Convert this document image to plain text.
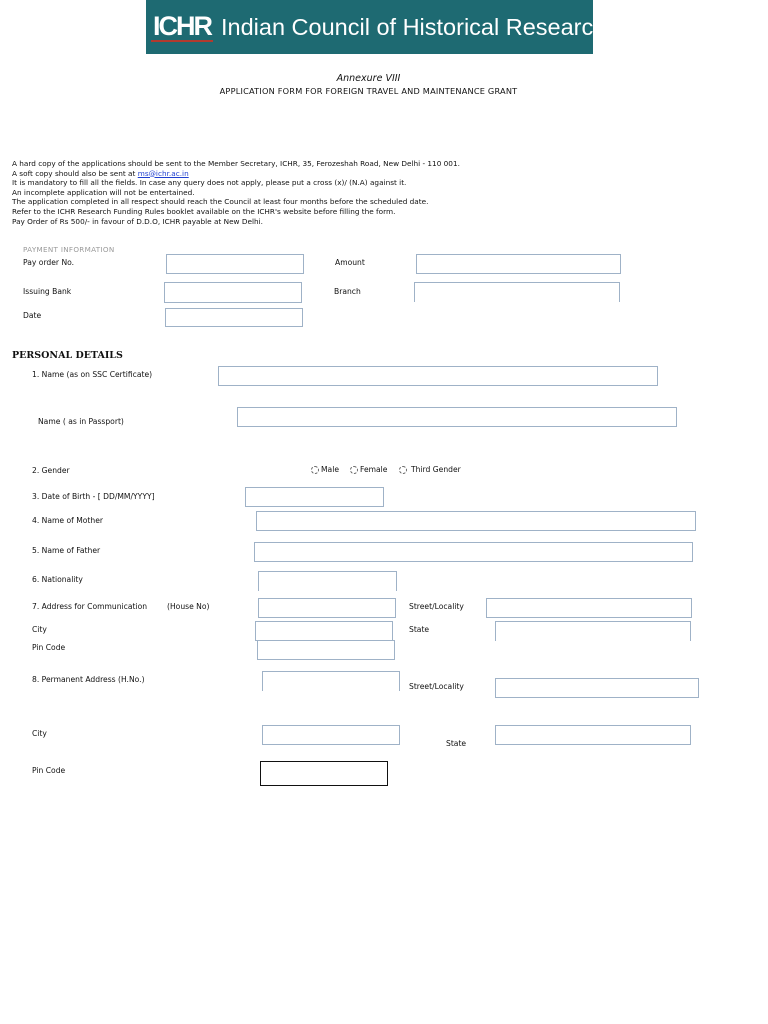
ICHR Indian Council of Historical Research
Annexure VIII
APPLICATION FORM FOR FOREIGN TRAVEL AND MAINTENANCE GRANT
A hard copy of the applications should be sent to the Member Secretary, ICHR, 35, Ferozeshah Road, New Delhi - 110 001.
A soft copy should also be sent at ms@ichr.ac.in
It is mandatory to fill all the fields. In case any query does not apply, please put a cross (x)/ (N.A) against it.
An incomplete application will not be entertained.
The application completed in all respect should reach the Council at least four months before the scheduled date.
Refer to the ICHR Research Funding Rules booklet available on the ICHR's website before filling the form.
Pay Order of Rs 500/- in favour of D.D.O, ICHR payable at New Delhi.
PAYMENT INFORMATION
Pay order No.	Amount
Issuing Bank	Branch
Date
PERSONAL DETAILS
1. Name (as on SSC Certificate)
Name ( as in Passport)
2. Gender	Male	Female	Third Gender
3. Date of Birth - [ DD/MM/YYYY]
4. Name of Mother
5. Name of Father
6. Nationality
7. Address for Communication	(House No)	Street/Locality
City	State
Pin Code
8. Permanent Address (H.No.)
Street/Locality
City
State
Pin Code
